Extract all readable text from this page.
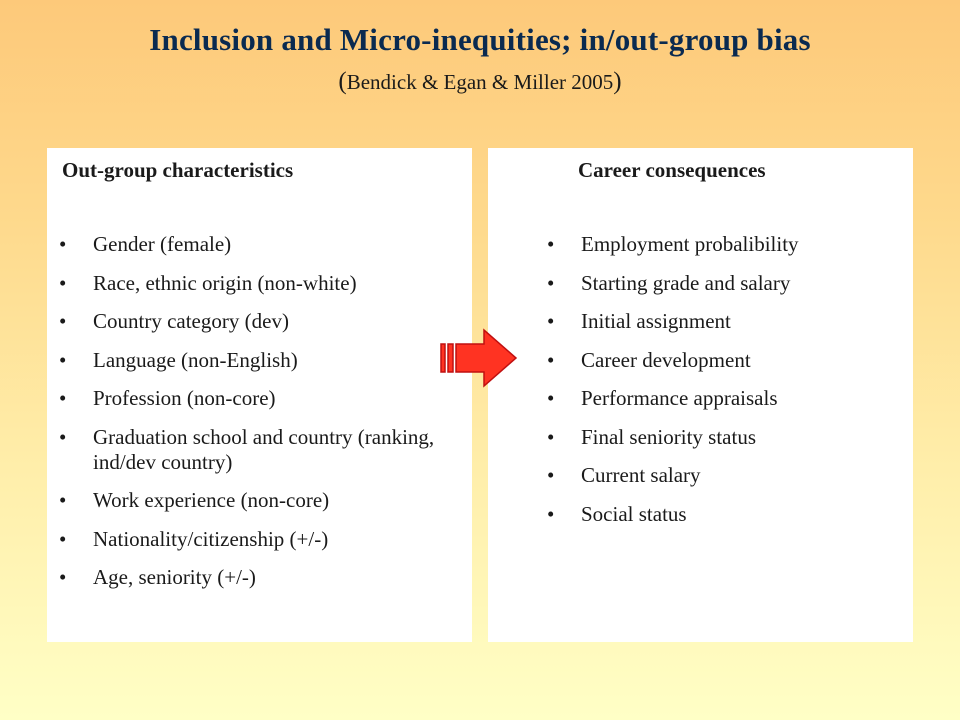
Inclusion and Micro-inequities; in/out-group bias
(Bendick & Egan & Miller 2005)
Out-group characteristics
• Gender (female)
• Race, ethnic origin (non-white)
• Country category (dev)
• Language (non-English)
• Profession (non-core)
• Graduation school and country (ranking, ind/dev country)
• Work experience (non-core)
• Nationality/citizenship (+/-)
• Age, seniority (+/-)
Career consequences
• Employment probalibility
• Starting grade and salary
• Initial assignment
• Career development
• Performance appraisals
• Final seniority status
• Current salary
• Social status
